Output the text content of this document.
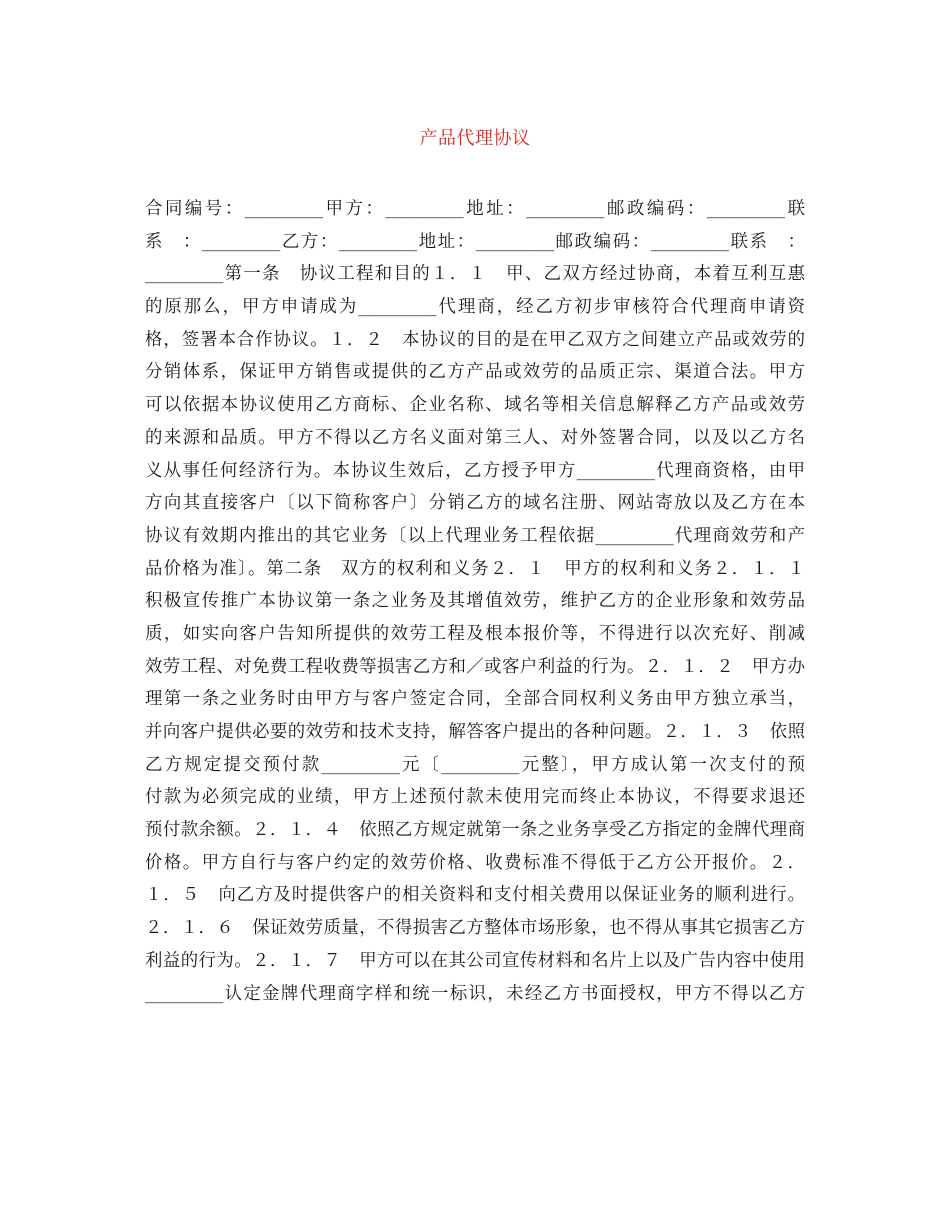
产品代理协议
合同编号：_________甲方：_________地址：_________邮政编码：_________联
系　：_________乙方：_________地址：_________邮政编码：_________联系　：
_________第一条　协议工程和目的１．１　甲、乙双方经过协商，本着互利互惠
的原那么，甲方申请成为_________代理商，经乙方初步审核符合代理商申请资
格，签署本合作协议。１．２　本协议的目的是在甲乙双方之间建立产品或效劳的
分销体系，保证甲方销售或提供的乙方产品或效劳的品质正宗、渠道合法。甲方
可以依据本协议使用乙方商标、企业名称、域名等相关信息解释乙方产品或效劳
的来源和品质。甲方不得以乙方名义面对第三人、对外签署合同，以及以乙方名
义从事任何经济行为。本协议生效后，乙方授予甲方_________代理商资格，由甲
方向其直接客户〔以下简称客户〕分销乙方的域名注册、网站寄放以及乙方在本
协议有效期内推出的其它业务〔以上代理业务工程依据_________代理商效劳和产
品价格为准〕。第二条　双方的权利和义务２．１　甲方的权利和义务２．１．１
积极宣传推广本协议第一条之业务及其增值效劳，维护乙方的企业形象和效劳品
质，如实向客户告知所提供的效劳工程及根本报价等，不得进行以次充好、削减
效劳工程、对免费工程收费等损害乙方和／或客户利益的行为。２．１．２　甲方办
理第一条之业务时由甲方与客户签定合同，全部合同权利义务由甲方独立承当，
并向客户提供必要的效劳和技术支持，解答客户提出的各种问题。２．１．３　依照
乙方规定提交预付款_________元〔_________元整〕，甲方成认第一次支付的预
付款为必须完成的业绩，甲方上述预付款未使用完而终止本协议，不得要求退还
预付款余额。２．１．４　依照乙方规定就第一条之业务享受乙方指定的金牌代理商
价格。甲方自行与客户约定的效劳价格、收费标准不得低于乙方公开报价。２．
１．５　向乙方及时提供客户的相关资料和支付相关费用以保证业务的顺利进行。
２．１．６　保证效劳质量，不得损害乙方整体市场形象，也不得从事其它损害乙方
利益的行为。２．１．７　甲方可以在其公司宣传材料和名片上以及广告内容中使用
_________认定金牌代理商字样和统一标识，未经乙方书面授权，甲方不得以乙方
